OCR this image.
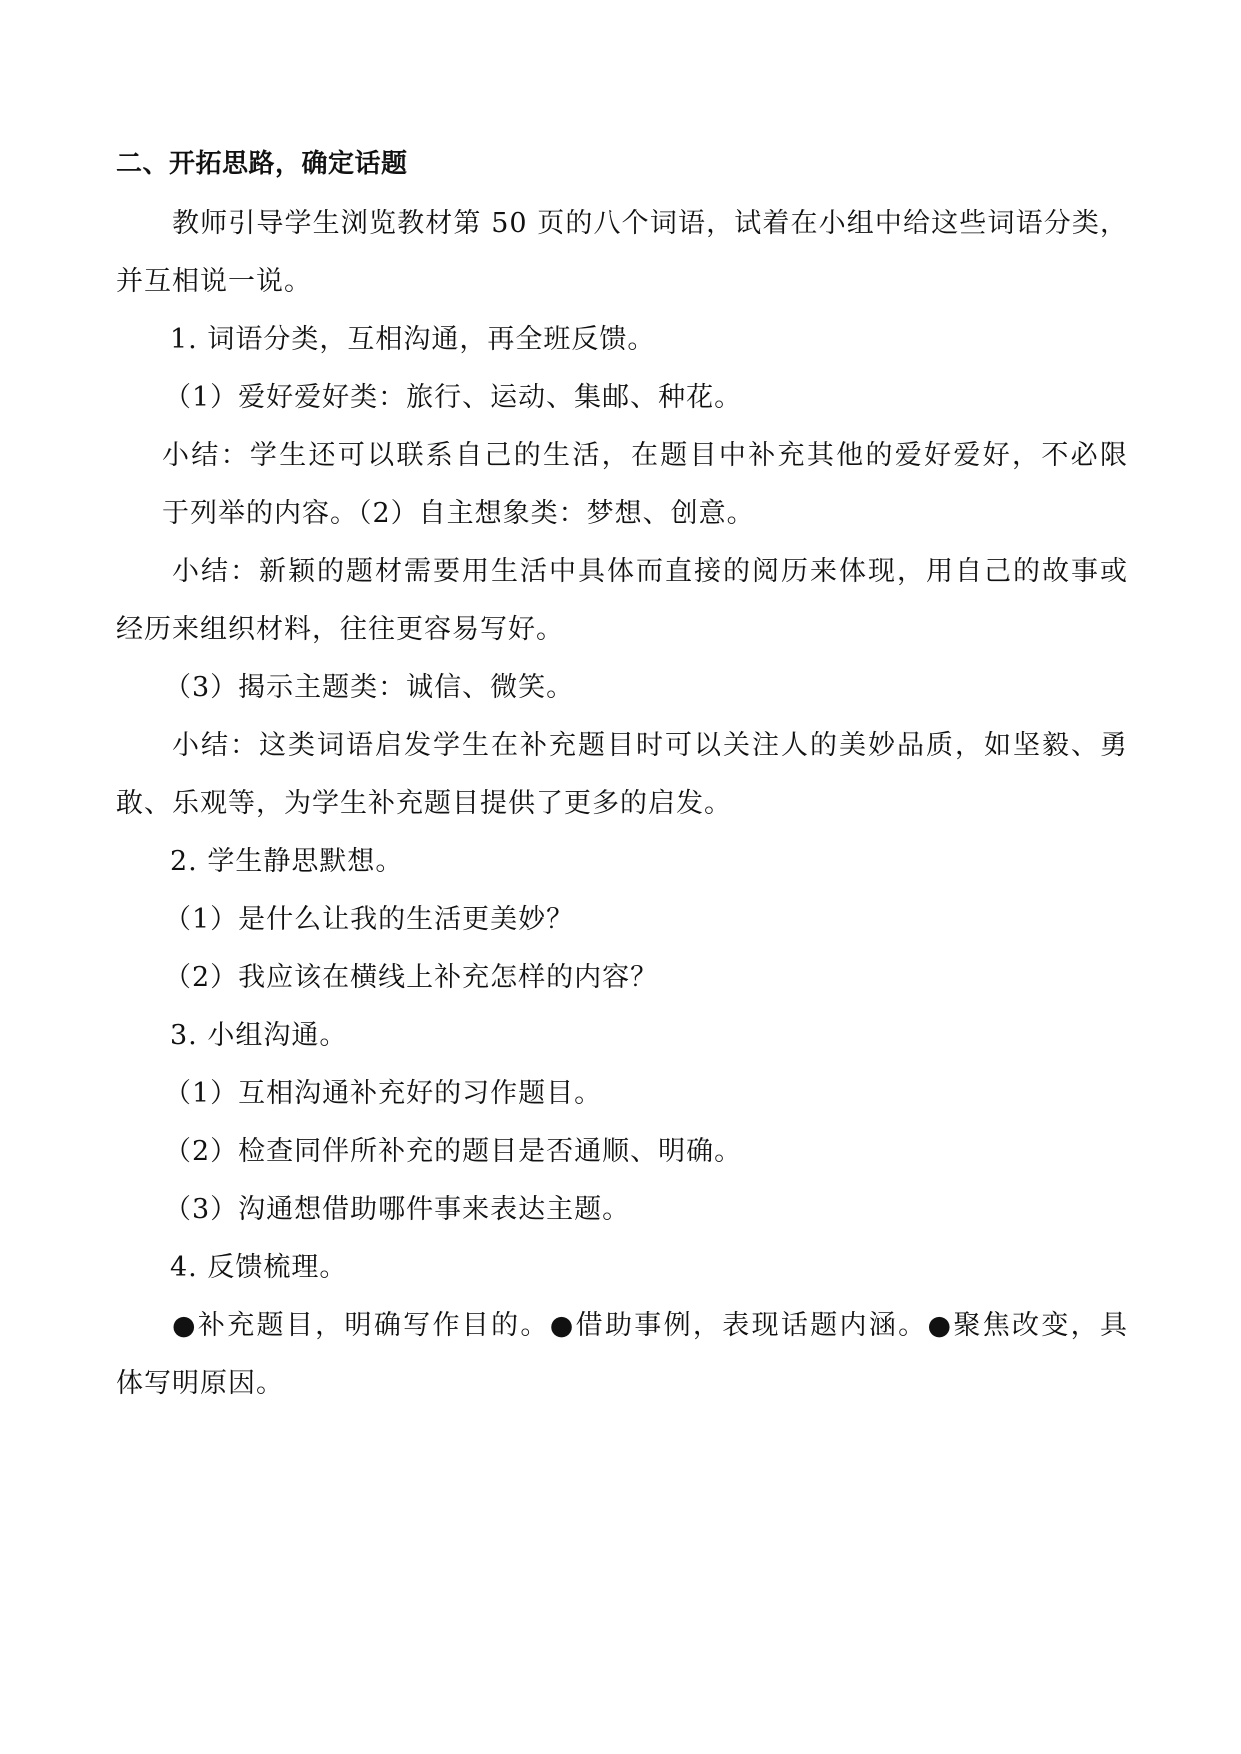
二、开拓思路，确定话题
教师引导学生浏览教材第 50 页的八个词语，试着在小组中给这些词语分类，
并互相说一说。
1. 词语分类，互相沟通，再全班反馈。
（1）爱好爱好类：旅行、运动、集邮、种花。
小结：学生还可以联系自己的生活，在题目中补充其他的爱好爱好，不必限
于列举的内容。（2）自主想象类：梦想、创意。
小结：新颖的题材需要用生活中具体而直接的阅历来体现，用自己的故事或
经历来组织材料，往往更容易写好。
（3）揭示主题类：诚信、微笑。
小结：这类词语启发学生在补充题目时可以关注人的美妙品质，如坚毅、勇
敢、乐观等，为学生补充题目提供了更多的启发。
2. 学生静思默想。
（1）是什么让我的生活更美妙？
（2）我应该在横线上补充怎样的内容？
3. 小组沟通。
（1）互相沟通补充好的习作题目。
（2）检查同伴所补充的题目是否通顺、明确。
（3）沟通想借助哪件事来表达主题。
4. 反馈梳理。
●补充题目，明确写作目的。●借助事例，表现话题内涵。●聚焦改变，具
体写明原因。
